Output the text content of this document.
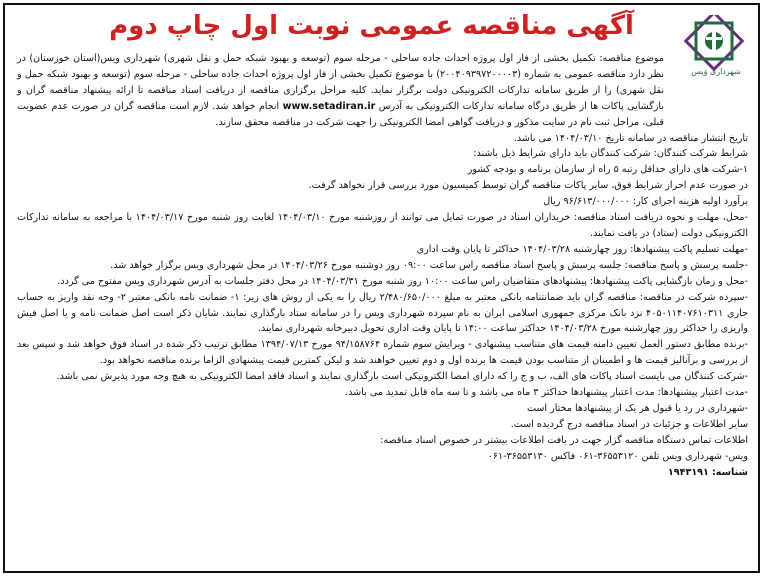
شهرداری وَیس
آگهی مناقصه عمومی نوبت اول چاپ دوم

موضوع مناقصه: تکمیل بخشی از فاز اول پروژه احداث جاده ساحلی - مرحله سوم (توسعه و بهبود شبکه حمل و نقل شهری) شهرداری ویس(استان خوزستان) در نظر دارد مناقصه عمومی به شماره (۲۰۰۴۰۹۳۹۷۲۰۰۰۰۳) با موضوع تکمیل بخشی از فاز اول پروژه احداث جاده ساحلی - مرحله سوم (توسعه و بهبود شبکه حمل و نقل شهری) را از طریق سامانه تدارکات الکترونیکی دولت برگزار نماید. کلیه مراحل برگزاری مناقصه از دریافت اسناد مناقصه تا ارائه پیشنهاد مناقصه گران و بازگشایی پاکات ها از طریق درگاه سامانه تدارکات الکترونیکی به آدرس www.setadiran.ir انجام خواهد شد. لازم است مناقصه گران در صورت عدم عضویت قبلی، مراحل ثبت نام در سایت مذکور و دریافت گواهی امضا الکترونیکی را جهت شرکت در مناقصه محقق سازند.

تاریخ انتشار مناقصه در سامانه تاریخ ۱۴۰۴/۰۳/۱۰ می باشد.

شرایط شرکت کنندگان: شرکت کنندگان باید دارای شرایط ذیل باشند:

۱-شرکت های دارای حداقل رتبه ۵ راه از سازمان برنامه و بودجه کشور

در صورت عدم احراز شرایط فوق، سایر پاکات مناقصه گران توسط کمیسیون مورد بررسی قرار نخواهد گرفت.

برآورد اولیه هزینه اجرای کار: ۹۶/۶۱۳/۰۰۰/۰۰۰ ریال

-محل، مهلت و نحوه دریافت اسناد مناقصه: خریداران اسناد در صورت تمایل می توانند از روزشنبه مورخ ۱۴۰۴/۰۳/۱۰ لغایت روز شنبه مورخ ۱۴۰۴/۰۳/۱۷ با مراجعه به سامانه تدارکات الکترونیکی دولت (ستاد) در یافت نمایند.

-مهلت تسلیم پاکت پیشنهادها: روز چهارشنبه ۱۴۰۴/۰۳/۲۸ حداکثر تا پایان وقت اداری

-جلسه پرسش و پاسخ مناقصه: جلسه پرسش و پاسخ اسناد مناقصه راس ساعت ۰۹:۰۰ روز دوشنبه مورخ ۱۴۰۴/۰۳/۲۶ در محل شهرداری ویس برگزار خواهد شد.

-محل و زمان بازگشایی پاکت پیشنهادها: پیشنهادهای متقاضیان راس ساعت ۱۰:۰۰ روز شنبه مورخ ۱۴۰۴/۰۳/۳۱ در محل دفتر جلسات به آدرس شهرداری ویس مفتوح می گردد.

-سپرده شرکت در مناقصه: مناقصه گران باید ضمانتنامه بانکی معتبر به مبلغ ۲/۴۸۰/۶۵۰/۰۰۰ ریال را به یکی از روش های زیر: ۱- ضمانت نامه بانکی معتبر ۲- وجه نقد واریز به حساب جاری ۴۰۵۰۱۱۴۰۷۶۱۰۳۱۱ نزد بانک مرکزی جمهوری اسلامی ایران به نام سپرده شهرداری ویس را در سامانه ستاد بارگذاری نمایند. شایان ذکر است اصل ضمانت نامه و یا اصل فیش واریزی را حداکثر روز چهارشنبه مورخ ۱۴۰۴/۰۳/۲۸ حداکثر ساعت ۱۴:۰۰ تا پایان وقت اداری تحویل دبیرخانه شهرداری نمایند.

-برنده مطابق دستور العمل تعیین دامنه قیمت های متناسب پیشنهادی - ویرایش سوم شماره ۹۴/۱۵۸۷۶۴ مورخ ۱۳۹۴/۰۷/۱۳ مطابق ترتیب ذکر شده در اسناد فوق خواهد شد و سپس بعد از بررسی و برآنالیز قیمت ها و اطمینان از متناسب بودن قیمت ها برنده اول و دوم تعیین خواهند شد و لیکن کمترین قیمت پیشنهادی الزاما برنده مناقصه نخواهد بود.

-شرکت کنندگان می بایست اسناد پاکات های الف، ب و ج را که دارای امضا الکترونیکی است بارگذاری نمایند و اسناد فاقد امضا الکترونیکی به هیچ وجه مورد پذیرش نمی باشد.

-مدت اعتبار پیشنهادها: مدت اعتبار پیشنهادها حداکثر ۳ ماه می باشد و تا سه ماه قابل تمدید می باشد.

-شهرداری در رد یا قبول هر یک از پیشنهادها مختار است

سایر اطلاعات و جزئیات در اسناد مناقصه درج گردیده است.

اطلاعات تماس دستگاه مناقصه گزار جهت در یافت اطلاعات بیشتر در خصوص اسناد مناقصه:

ویس- شهرداری ویس تلفن ۳۶۵۵۳۱۲۰-۰۶۱ فاکس ۳۶۵۵۳۱۳۰-۰۶۱

شناسه: ۱۹۴۳۱۹۱
